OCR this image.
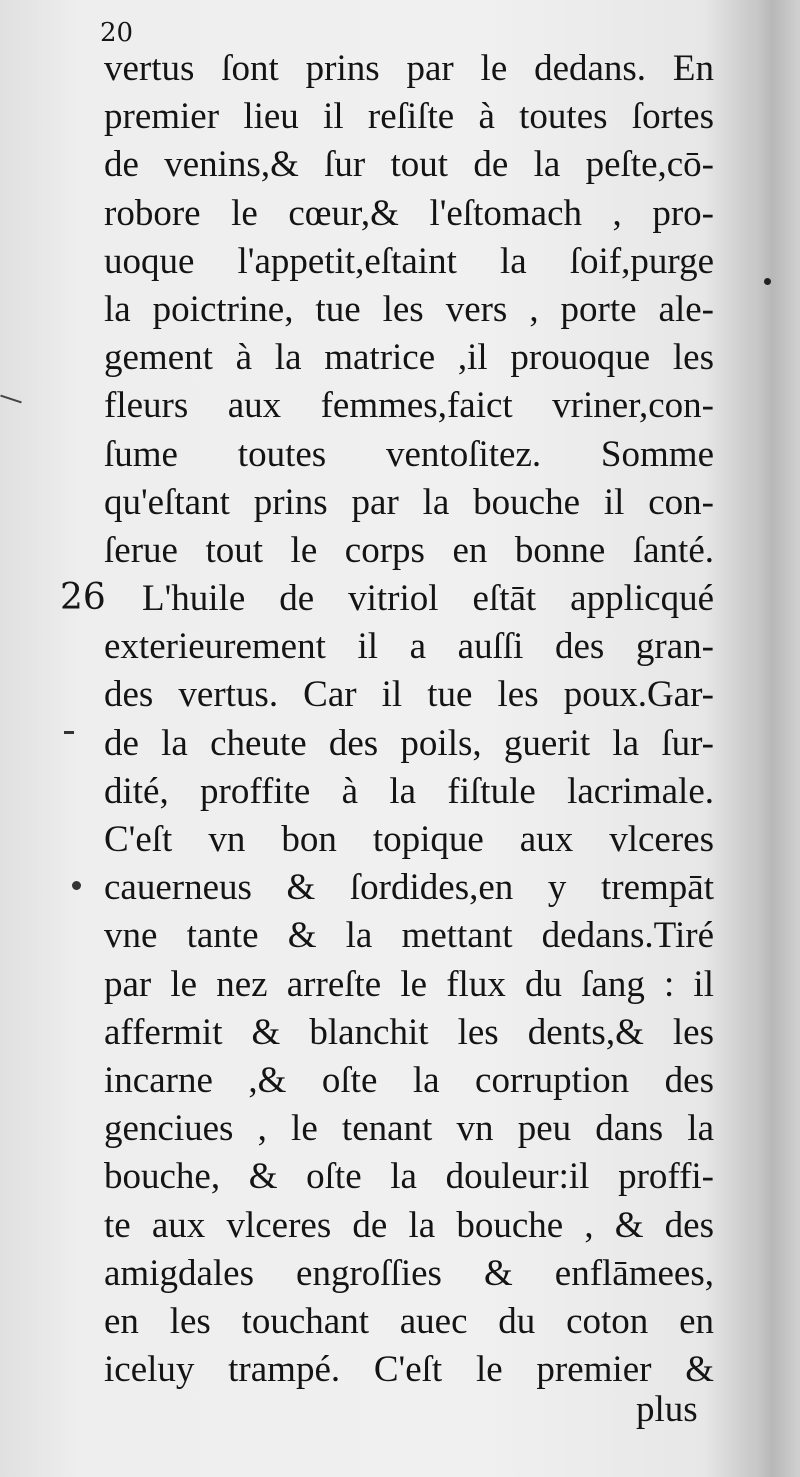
20
26
vertus ſont prins par le dedans. En
premier lieu il reſiſte à toutes ſortes
de venins,& ſur tout de la peſte,cō-
robore le cœur,& l'eſtomach , pro-
uoque l'appetit,eſtaint la ſoif,purge
la poictrine, tue les vers , porte ale-
gement à la matrice ,il prouoque les
fleurs aux femmes,faict vriner,con-
ſume toutes ventoſitez. Somme
qu'eſtant prins par la bouche il con-
ſerue tout le corps en bonne ſanté.
L'huile de vitriol eſtāt applicqué
exterieurement il a auſſi des gran-
des vertus. Car il tue les poux.Gar-
de la cheute des poils, guerit la ſur-
dité, proffite à la fiſtule lacrimale.
C'eſt vn bon topique aux vlceres
cauerneus & ſordides,en y trempāt
vne tante & la mettant dedans.Tiré
par le nez arreſte le flux du ſang : il
affermit & blanchit les dents,& les
incarne ,& oſte la corruption des
genciues , le tenant vn peu dans la
bouche, & oſte la douleur:il proffi-
te aux vlceres de la bouche , & des
amigdales engroſſies & enflāmees,
en les touchant auec du coton en
iceluy trampé. C'eſt le premier &
plus
